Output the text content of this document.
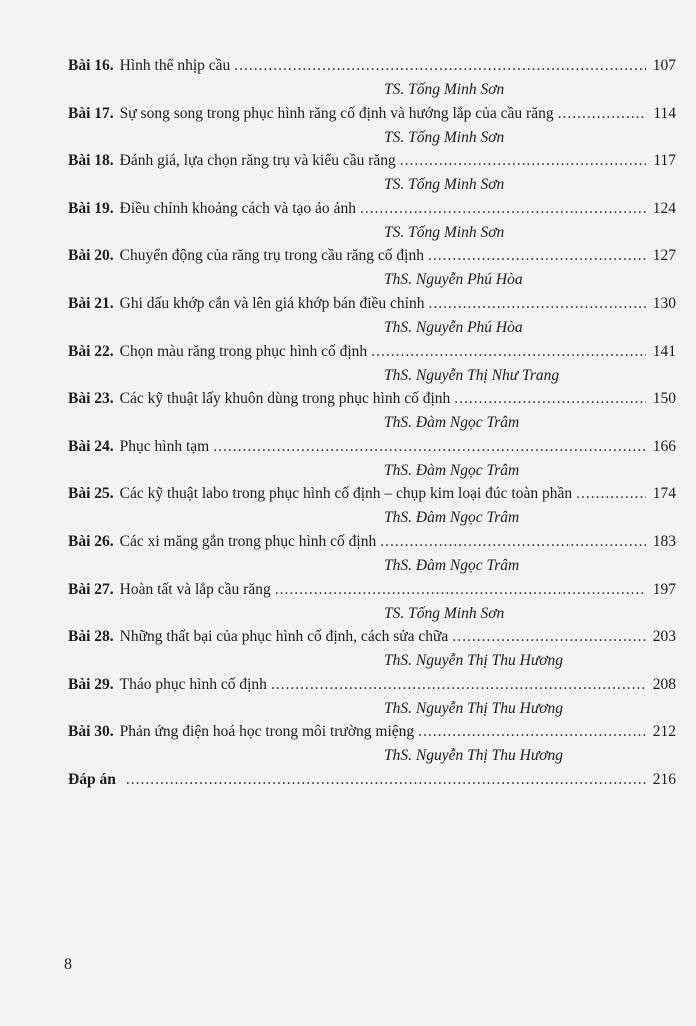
Bài 16. Hình thể nhịp cầu .....	107
TS. Tống Minh Sơn
Bài 17. Sự song song trong phục hình răng cố định và hướng lắp của cầu răng .....	114
TS. Tống Minh Sơn
Bài 18. Đánh giá, lựa chọn răng trụ và kiểu cầu răng .....	117
TS. Tống Minh Sơn
Bài 19. Điều chỉnh khoảng cách và tạo ảo ảnh .....	124
TS. Tống Minh Sơn
Bài 20. Chuyển động của răng trụ trong cầu răng cố định .....	127
ThS. Nguyễn Phú Hòa
Bài 21. Ghi dấu khớp cắn và lên giá khớp bán điều chỉnh .....	130
ThS. Nguyễn Phú Hòa
Bài 22. Chọn màu răng trong phục hình cố định .....	141
ThS. Nguyễn Thị Như Trang
Bài 23. Các kỹ thuật lấy khuôn dùng trong phục hình cố định .....	150
ThS. Đàm Ngọc Trâm
Bài 24. Phục hình tạm .....	166
ThS. Đàm Ngọc Trâm
Bài 25. Các kỹ thuật labo trong phục hình cố định – chụp kim loại đúc toàn phần .....	174
ThS. Đàm Ngọc Trâm
Bài 26. Các xi măng gắn trong phục hình cố định .....	183
ThS. Đàm Ngọc Trâm
Bài 27. Hoàn tất và lắp cầu răng .....	197
TS. Tống Minh Sơn
Bài 28. Những thất bại của phục hình cố định, cách sửa chữa .....	203
ThS. Nguyễn Thị Thu Hương
Bài 29. Tháo phục hình cố định .....	208
ThS. Nguyễn Thị Thu Hương
Bài 30. Phản ứng điện hoá học trong môi trường miệng .....	212
ThS. Nguyễn Thị Thu Hương
Đáp án .....	216
8
